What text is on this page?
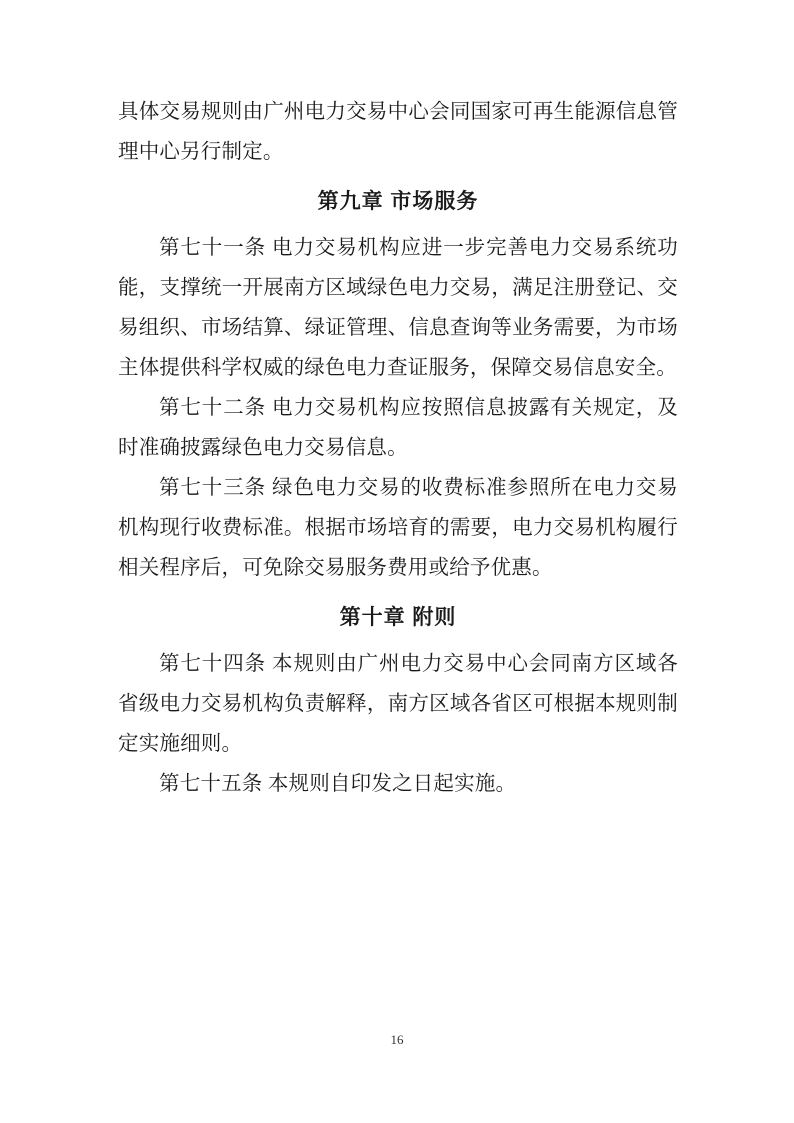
具体交易规则由广州电力交易中心会同国家可再生能源信息管理中心另行制定。

第九章 市场服务

第七十一条 电力交易机构应进一步完善电力交易系统功能，支撑统一开展南方区域绿色电力交易，满足注册登记、交易组织、市场结算、绿证管理、信息查询等业务需要，为市场主体提供科学权威的绿色电力查证服务，保障交易信息安全。

第七十二条 电力交易机构应按照信息披露有关规定，及时准确披露绿色电力交易信息。

第七十三条 绿色电力交易的收费标准参照所在电力交易机构现行收费标准。根据市场培育的需要，电力交易机构履行相关程序后，可免除交易服务费用或给予优惠。

第十章 附则

第七十四条 本规则由广州电力交易中心会同南方区域各省级电力交易机构负责解释，南方区域各省区可根据本规则制定实施细则。

第七十五条 本规则自印发之日起实施。

16
